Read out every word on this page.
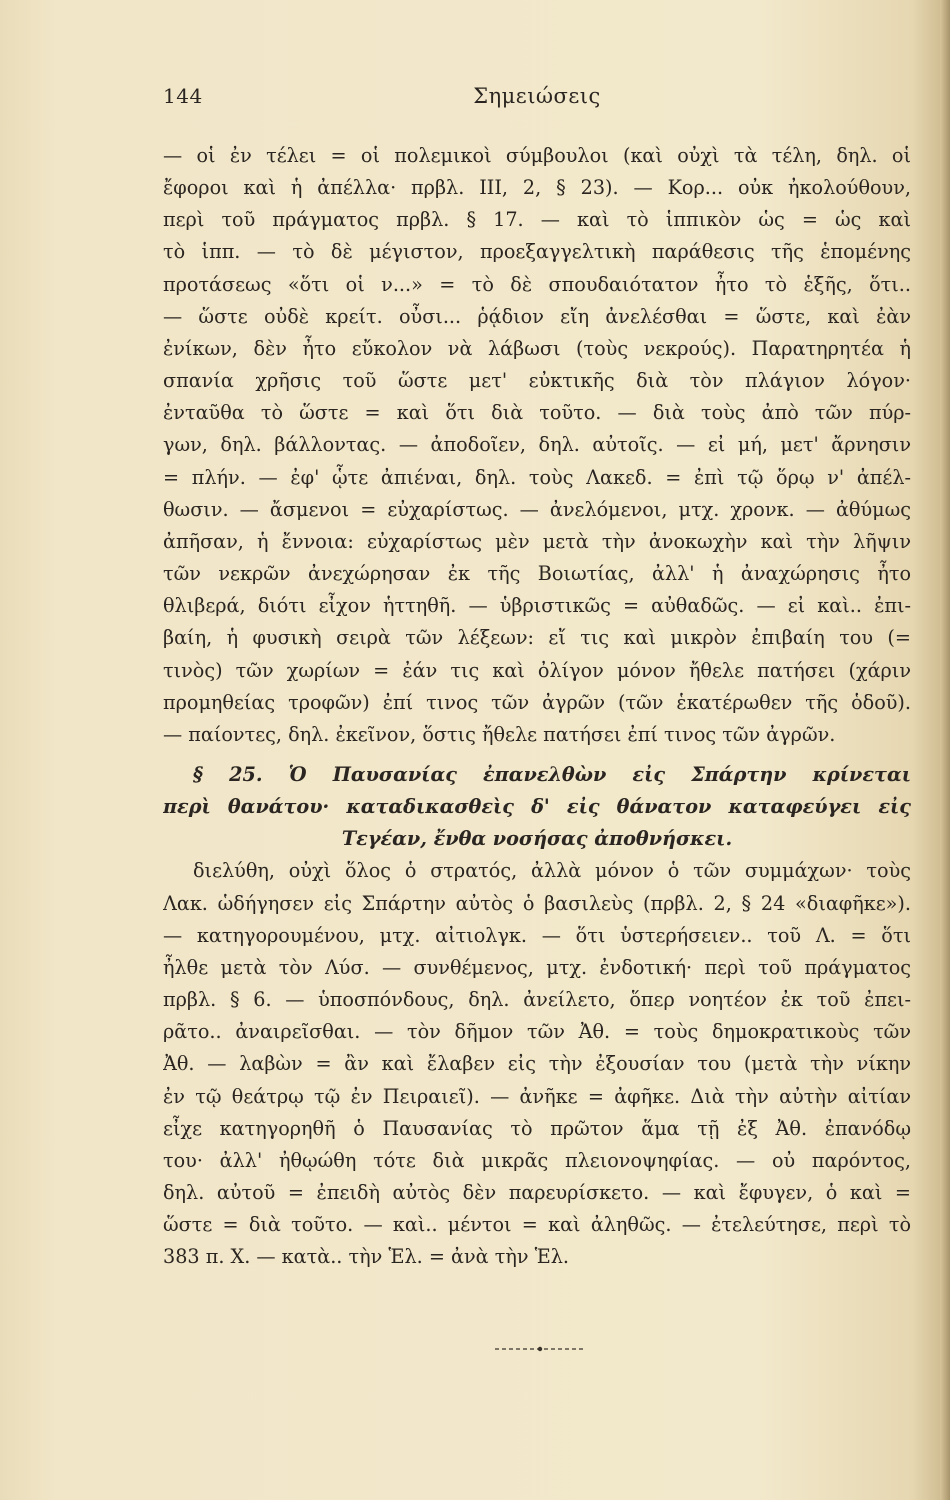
144	Σημειώσεις
— οἱ ἐν τέλει = οἱ πολεμικοὶ σύμβουλοι (καὶ οὐχὶ τὰ τέλη, δηλ. οἱ
ἔφοροι καὶ ἡ ἀπέλλα· πρβλ. III, 2, § 23). — Κορ... οὐκ ἠκολούθουν,
περὶ τοῦ πράγματος πρβλ. § 17. — καὶ τὸ ἱππικὸν ὡς = ὡς καὶ
τὸ ἱππ. — τὸ δὲ μέγιστον, προεξαγγελτικὴ παράθεσις τῆς ἑπομένης
προτάσεως «ὅτι οἱ ν...» = τὸ δὲ σπουδαιότατον ἦτο τὸ ἑξῆς, ὅτι..
— ὥστε οὐδὲ κρείτ. οὖσι... ῥᾴδιον εἴη ἀνελέσθαι = ὥστε, καὶ ἐὰν
ἐνίκων, δὲν ἦτο εὔκολον νὰ λάβωσι (τοὺς νεκρούς). Παρατηρητέα ἡ
σπανία χρῆσις τοῦ ὥστε μετ' εὐκτικῆς διὰ τὸν πλάγιον λόγον·
ἐνταῦθα τὸ ὥστε = καὶ ὅτι διὰ τοῦτο. — διὰ τοὺς ἀπὸ τῶν πύρ-
γων, δηλ. βάλλοντας. — ἀποδοῖεν, δηλ. αὐτοῖς. — εἰ μή, μετ' ἄρνησιν
= πλήν. — ἐφ' ᾧτε ἀπιέναι, δηλ. τοὺς Λακεδ. = ἐπὶ τῷ ὅρῳ ν' ἀπέλ-
θωσιν. — ἄσμενοι = εὐχαρίστως. — ἀνελόμενοι, μτχ. χρονκ. — ἀθύμως
ἀπῆσαν, ἡ ἔννοια: εὐχαρίστως μὲν μετὰ τὴν ἀνοκωχὴν καὶ τὴν λῆψιν
τῶν νεκρῶν ἀνεχώρησαν ἐκ τῆς Βοιωτίας, ἀλλ' ἡ ἀναχώρησις ἦτο
θλιβερά, διότι εἶχον ἡττηθῆ. — ὑβριστικῶς = αὐθαδῶς. — εἰ καὶ.. ἐπι-
βαίη, ἡ φυσικὴ σειρὰ τῶν λέξεων: εἴ τις καὶ μικρὸν ἐπιβαίη του (=
τινὸς) τῶν χωρίων = ἐάν τις καὶ ὀλίγον μόνον ἤθελε πατήσει (χάριν
προμηθείας τροφῶν) ἐπί τινος τῶν ἀγρῶν (τῶν ἑκατέρωθεν τῆς ὁδοῦ).
— παίοντες, δηλ. ἐκεῖνον, ὅστις ἤθελε πατήσει ἐπί τινος τῶν ἀγρῶν.
§ 25. Ὁ Παυσανίας ἐπανελθὼν εἰς Σπάρτην κρίνεται
περὶ θανάτου· καταδικασθεὶς δ' εἰς θάνατον καταφεύγει εἰς
Τεγέαν, ἔνθα νοσήσας ἀποθνήσκει.
διελύθη, οὐχὶ ὅλος ὁ στρατός, ἀλλὰ μόνον ὁ τῶν συμμάχων· τοὺς
Λακ. ὡδήγησεν εἰς Σπάρτην αὐτὸς ὁ βασιλεὺς (πρβλ. 2, § 24 «διαφῆκε»).
— κατηγορουμένου, μτχ. αἰτιολγκ. — ὅτι ὑστερήσειεν.. τοῦ Λ. = ὅτι
ἦλθε μετὰ τὸν Λύσ. — συνθέμενος, μτχ. ἐνδοτική· περὶ τοῦ πράγματος
πρβλ. § 6. — ὑποσπόνδους, δηλ. ἀνείλετο, ὅπερ νοητέον ἐκ τοῦ ἐπει-
ρᾶτο.. ἀναιρεῖσθαι. — τὸν δῆμον τῶν Ἀθ. = τοὺς δημοκρατικοὺς τῶν
Ἀθ. — λαβὼν = ἂν καὶ ἔλαβεν εἰς τὴν ἐξουσίαν του (μετὰ τὴν νίκην
ἐν τῷ θεάτρῳ τῷ ἐν Πειραιεῖ). — ἀνῆκε = ἀφῆκε. Διὰ τὴν αὐτὴν αἰτίαν
εἶχε κατηγορηθῆ ὁ Παυσανίας τὸ πρῶτον ἅμα τῇ ἐξ Ἀθ. ἐπανόδῳ
του· ἀλλ' ἠθῳώθη τότε διὰ μικρᾶς πλειονοψηφίας. — οὐ παρόντος,
δηλ. αὐτοῦ = ἐπειδὴ αὐτὸς δὲν παρευρίσκετο. — καὶ ἔφυγεν, ὁ καὶ =
ὥστε = διὰ τοῦτο. — καὶ.. μέντοι = καὶ ἀληθῶς. — ἐτελεύτησε, περὶ τὸ
383 π. Χ. — κατὰ.. τὴν Ἑλ. = ἀνὰ τὴν Ἑλ.
